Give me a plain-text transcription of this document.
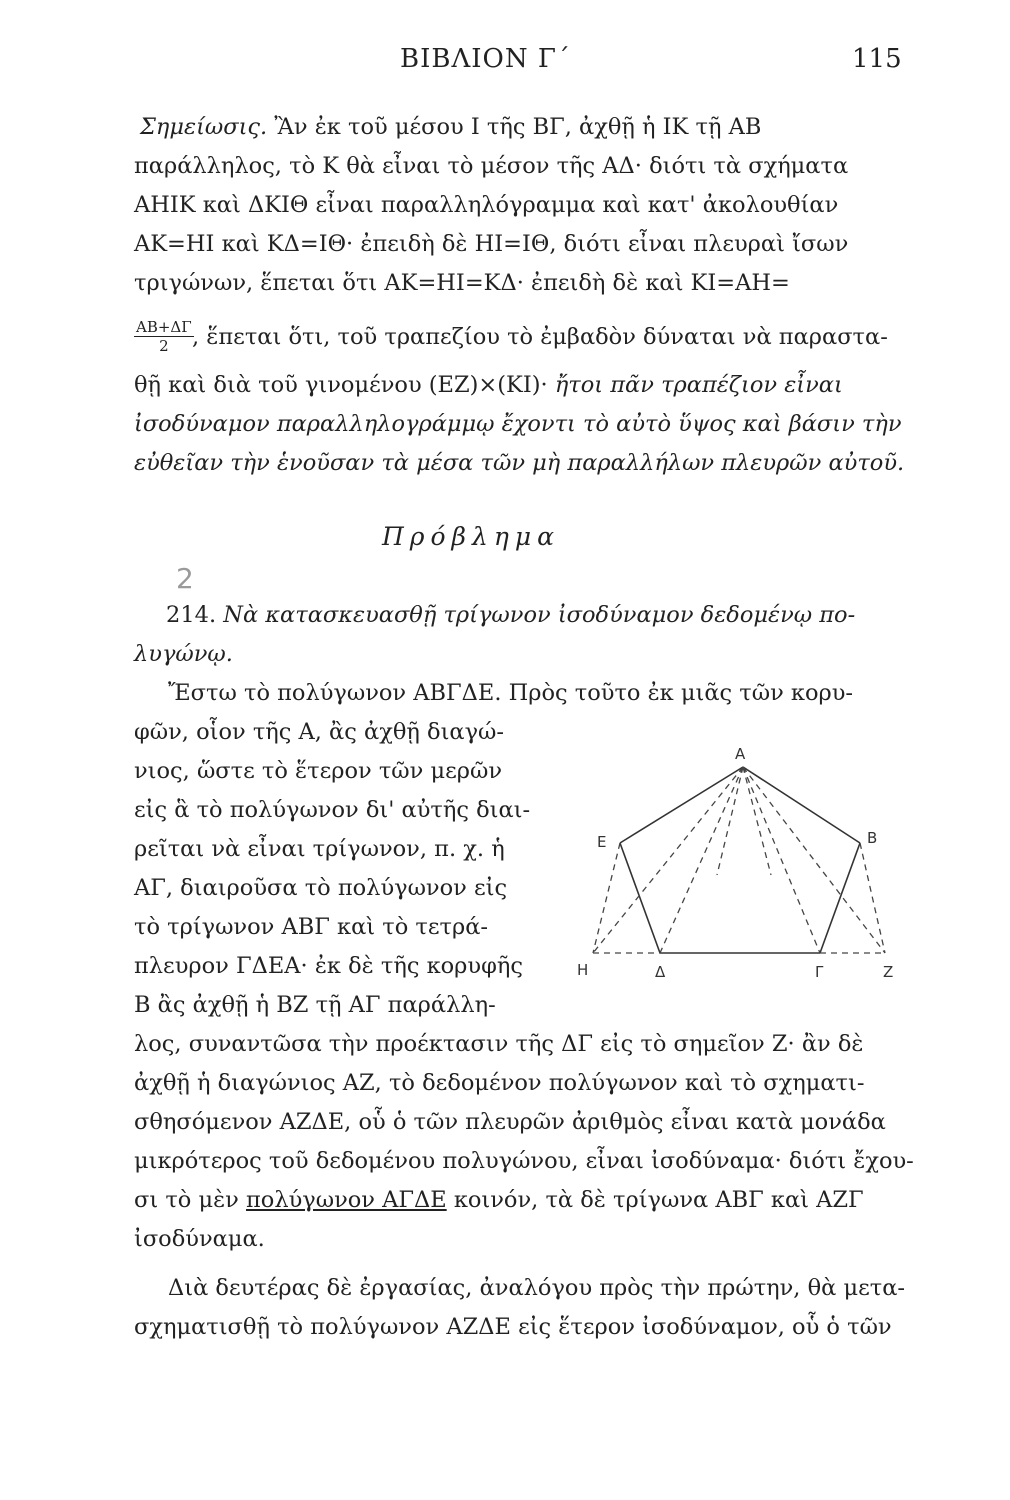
ΒΙΒΛΙΟΝ Γ΄	115
Σημείωσις. Ἂν ἐκ τοῦ μέσου Ι τῆς ΒΓ, ἀχθῇ ἡ ΙΚ τῇ ΑΒ
παράλληλος, τὸ Κ θὰ εἶναι τὸ μέσον τῆς ΑΔ· διότι τὰ σχήματα
ΑΗΙΚ καὶ ΔΚΙΘ εἶναι παραλληλόγραμμα καὶ κατ' ἀκολουθίαν
ΑΚ=ΗΙ καὶ ΚΔ=ΙΘ· ἐπειδὴ δὲ ΗΙ=ΙΘ, διότι εἶναι πλευραὶ ἴσων
τριγώνων, ἕπεται ὅτι ΑΚ=ΗΙ=ΚΔ· ἐπειδὴ δὲ καὶ ΚΙ=ΑΗ=
$\frac{AB+\Delta\Gamma}{2}$
, ἕπεται ὅτι, τοῦ τραπεζίου τὸ ἐμβαδὸν δύναται νὰ παραστα-
θῇ καὶ διὰ τοῦ γινομένου (ΕΖ)×(ΚΙ)· ἤτοι πᾶν τραπέζιον εἶναι
ἰσοδύναμον παραλληλογράμμῳ ἔχοντι τὸ αὐτὸ ὕψος καὶ βάσιν τὴν
εὐθεῖαν τὴν ἑνοῦσαν τὰ μέσα τῶν μὴ παραλλήλων πλευρῶν αὐτοῦ.
Πρόβλημα
2
214. Νὰ κατασκευασθῇ τρίγωνον ἰσοδύναμον δεδομένῳ πο-
λυγώνῳ.
Ἔστω τὸ πολύγωνον ΑΒΓΔΕ. Πρὸς τοῦτο ἐκ μιᾶς τῶν κορυ-
φῶν, οἷον τῆς Α, ἂς ἀχθῇ διαγώ-
νιος, ὥστε τὸ ἕτερον τῶν μερῶν
εἰς ἃ τὸ πολύγωνον δι' αὐτῆς διαι-
ρεῖται νὰ εἶναι τρίγωνον, π. χ. ἡ
ΑΓ, διαιροῦσα τὸ πολύγωνον εἰς
τὸ τρίγωνον ΑΒΓ καὶ τὸ τετρά-
πλευρον ΓΔΕΑ· ἐκ δὲ τῆς κορυφῆς
Β ἂς ἀχθῇ ἡ ΒΖ τῇ ΑΓ παράλλη-
λος, συναντῶσα τὴν προέκτασιν τῆς ΔΓ εἰς τὸ σημεῖον Ζ· ἂν δὲ
ἀχθῇ ἡ διαγώνιος ΑΖ, τὸ δεδομένον πολύγωνον καὶ τὸ σχηματι-
σθησόμενον ΑΖΔΕ, οὗ ὁ τῶν πλευρῶν ἀριθμὸς εἶναι κατὰ μονάδα
μικρότερος τοῦ δεδομένου πολυγώνου, εἶναι ἰσοδύναμα· διότι ἔχου-
σι τὸ μὲν πολύγωνον ΑΓΔΕ κοινόν, τὰ δὲ τρίγωνα ΑΒΓ καὶ ΑΖΓ
ἰσοδύναμα.
Διὰ δευτέρας δὲ ἐργασίας, ἀναλόγου πρὸς τὴν πρώτην, θὰ μετα-
σχηματισθῇ τὸ πολύγωνον ΑΖΔΕ εἰς ἕτερον ἰσοδύναμον, οὗ ὁ τῶν
Α
Β
Ε
Η	Δ	Γ	Ζ
